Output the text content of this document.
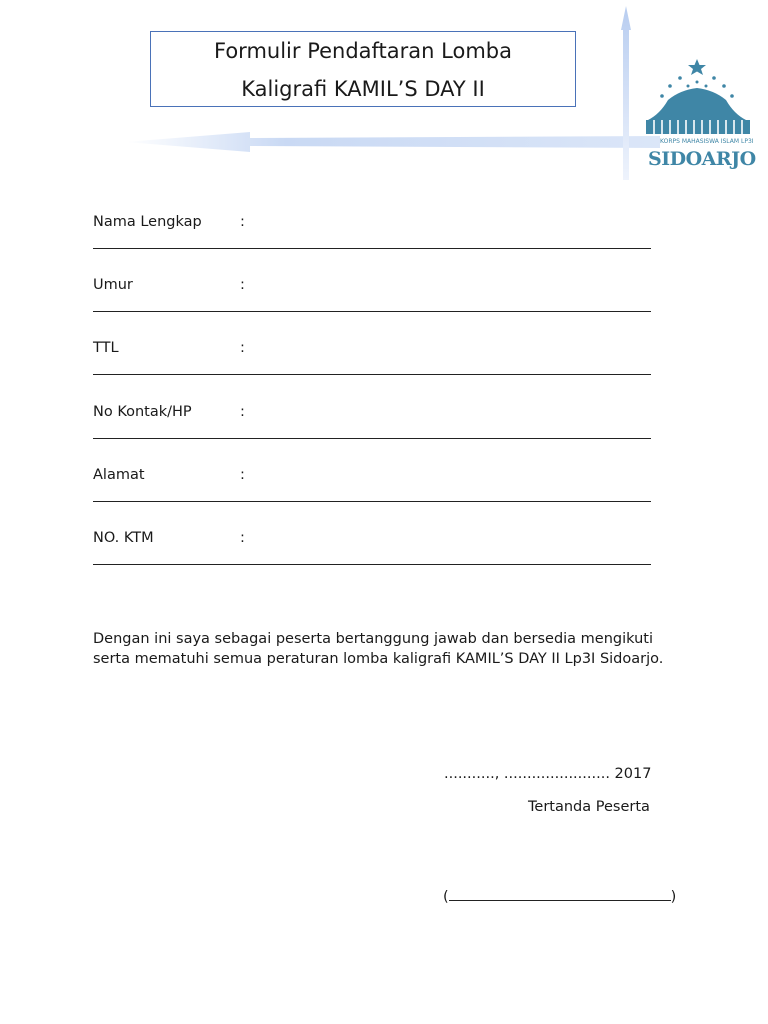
Formulir Pendaftaran Lomba
Kaligrafi KAMIL’S DAY II
KORPS MAHASISWA ISLAM LP3I
SIDOARJO
Nama Lengkap	:
Umur	:
TTL	:
No Kontak/HP	:
Alamat	:
NO. KTM	:
Dengan ini saya sebagai peserta bertanggung jawab dan bersedia mengikuti serta mematuhi semua peraturan lomba kaligrafi KAMIL’S DAY II Lp3I Sidoarjo.
..........., ....................... 2017
Tertanda Peserta
(	)
